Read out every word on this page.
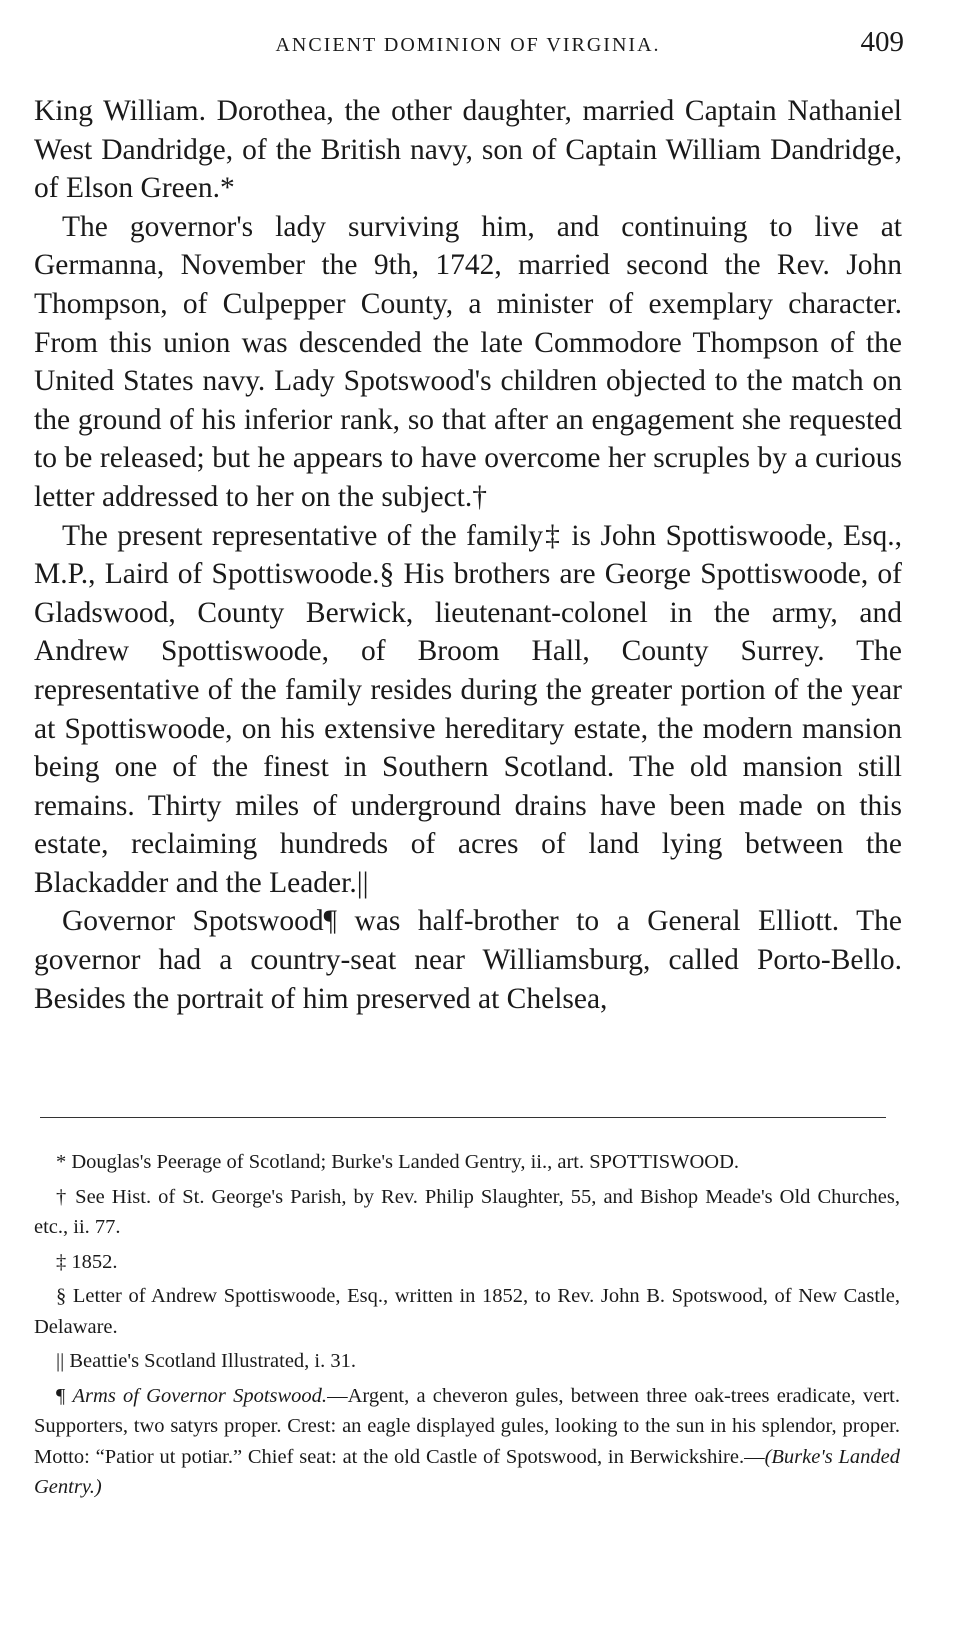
ANCIENT DOMINION OF VIRGINIA.	409

King William. Dorothea, the other daughter, married Captain Nathaniel West Dandridge, of the British navy, son of Captain William Dandridge, of Elson Green.*

The governor's lady surviving him, and continuing to live at Germanna, November the 9th, 1742, married second the Rev. John Thompson, of Culpepper County, a minister of exemplary character. From this union was descended the late Commodore Thompson of the United States navy. Lady Spotswood's children objected to the match on the ground of his inferior rank, so that after an engagement she requested to be released; but he appears to have overcome her scruples by a curious letter addressed to her on the subject.†

The present representative of the family‡ is John Spottiswoode, Esq., M.P., Laird of Spottiswoode.§ His brothers are George Spottiswoode, of Gladswood, County Berwick, lieutenant-colonel in the army, and Andrew Spottiswoode, of Broom Hall, County Surrey. The representative of the family resides during the greater portion of the year at Spottiswoode, on his extensive hereditary estate, the modern mansion being one of the finest in Southern Scotland. The old mansion still remains. Thirty miles of underground drains have been made on this estate, reclaiming hundreds of acres of land lying between the Blackadder and the Leader.||

Governor Spotswood¶ was half-brother to a General Elliott. The governor had a country-seat near Williamsburg, called Porto-Bello. Besides the portrait of him preserved at Chelsea,

* Douglas's Peerage of Scotland; Burke's Landed Gentry, ii., art. SPOTTISWOOD.

† See Hist. of St. George's Parish, by Rev. Philip Slaughter, 55, and Bishop Meade's Old Churches, etc., ii. 77.

‡ 1852.

§ Letter of Andrew Spottiswoode, Esq., written in 1852, to Rev. John B. Spotswood, of New Castle, Delaware.

|| Beattie's Scotland Illustrated, i. 31.

¶ Arms of Governor Spotswood.—Argent, a cheveron gules, between three oak-trees eradicate, vert. Supporters, two satyrs proper. Crest: an eagle displayed gules, looking to the sun in his splendor, proper. Motto: “Patior ut potiar.” Chief seat: at the old Castle of Spotswood, in Berwickshire.—(Burke's Landed Gentry.)
